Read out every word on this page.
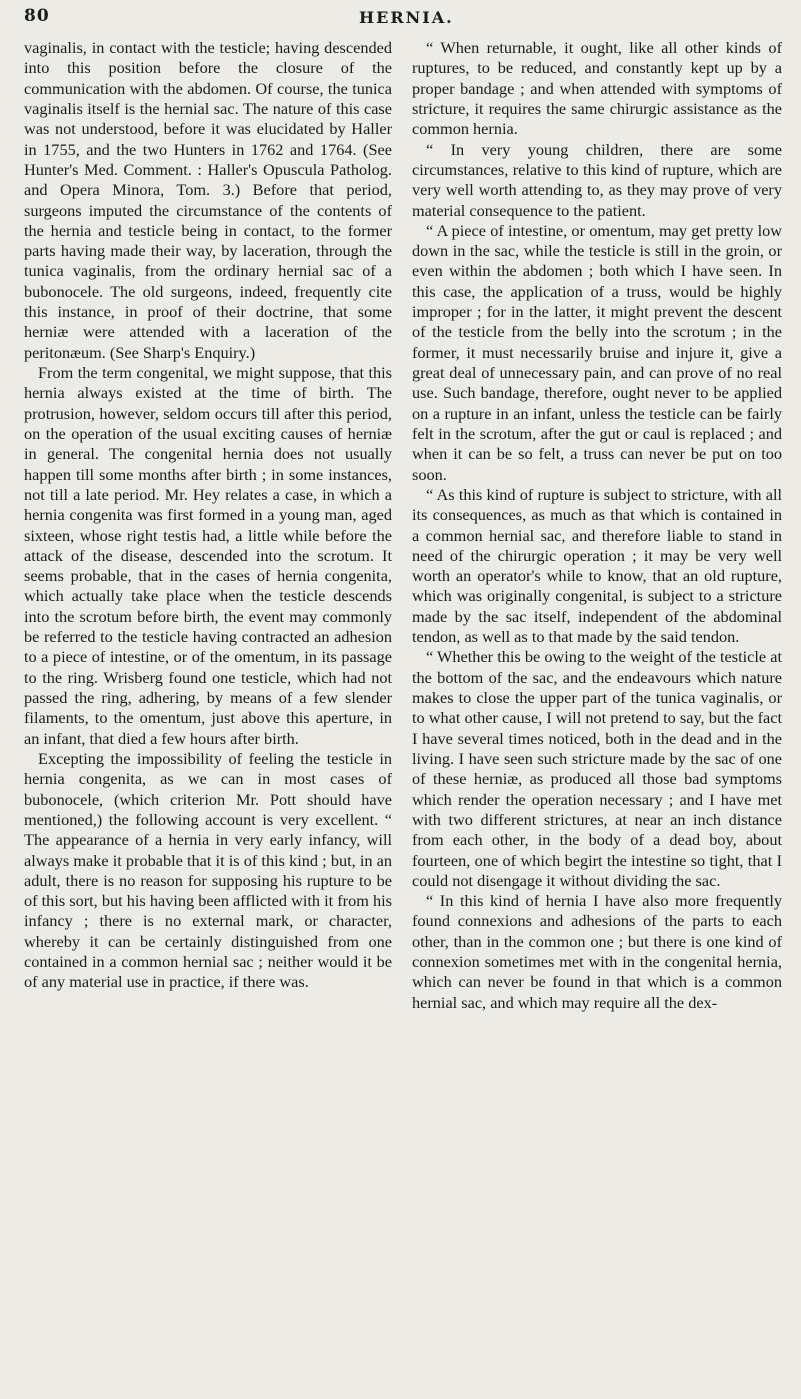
80	HERNIA.

vaginalis, in contact with the testicle; having descended into this position before the closure of the communication with the abdomen. Of course, the tunica vaginalis itself is the hernial sac. The nature of this case was not understood, before it was elucidated by Haller in 1755, and the two Hunters in 1762 and 1764. (See Hunter's Med. Comment. : Haller's Opuscula Patholog. and Opera Minora, Tom. 3.) Before that period, surgeons imputed the circumstance of the contents of the hernia and testicle being in contact, to the former parts having made their way, by laceration, through the tunica vaginalis, from the ordinary hernial sac of a bubonocele. The old surgeons, indeed, frequently cite this instance, in proof of their doctrine, that some herniæ were attended with a laceration of the peritonæum. (See Sharp's Enquiry.)

From the term congenital, we might suppose, that this hernia always existed at the time of birth. The protrusion, however, seldom occurs till after this period, on the operation of the usual exciting causes of herniæ in general. The congenital hernia does not usually happen till some months after birth ; in some instances, not till a late period. Mr. Hey relates a case, in which a hernia congenita was first formed in a young man, aged sixteen, whose right testis had, a little while before the attack of the disease, descended into the scrotum. It seems probable, that in the cases of hernia congenita, which actually take place when the testicle descends into the scrotum before birth, the event may commonly be referred to the testicle having contracted an adhesion to a piece of intestine, or of the omentum, in its passage to the ring. Wrisberg found one testicle, which had not passed the ring, adhering, by means of a few slender filaments, to the omentum, just above this aperture, in an infant, that died a few hours after birth.

Excepting the impossibility of feeling the testicle in hernia congenita, as we can in most cases of bubonocele, (which criterion Mr. Pott should have mentioned,) the following account is very excellent. “ The appearance of a hernia in very early infancy, will always make it probable that it is of this kind ; but, in an adult, there is no reason for supposing his rupture to be of this sort, but his having been afflicted with it from his infancy ; there is no external mark, or character, whereby it can be certainly distinguished from one contained in a common hernial sac ; neither would it be of any material use in practice, if there was.

“ When returnable, it ought, like all other kinds of ruptures, to be reduced, and constantly kept up by a proper bandage ; and when attended with symptoms of stricture, it requires the same chirurgic assistance as the common hernia.

“ In very young children, there are some circumstances, relative to this kind of rupture, which are very well worth attending to, as they may prove of very material consequence to the patient.

“ A piece of intestine, or omentum, may get pretty low down in the sac, while the testicle is still in the groin, or even within the abdomen ; both which I have seen. In this case, the application of a truss, would be highly improper ; for in the latter, it might prevent the descent of the testicle from the belly into the scrotum ; in the former, it must necessarily bruise and injure it, give a great deal of unnecessary pain, and can prove of no real use. Such bandage, therefore, ought never to be applied on a rupture in an infant, unless the testicle can be fairly felt in the scrotum, after the gut or caul is replaced ; and when it can be so felt, a truss can never be put on too soon.

“ As this kind of rupture is subject to stricture, with all its consequences, as much as that which is contained in a common hernial sac, and therefore liable to stand in need of the chirurgic operation ; it may be very well worth an operator's while to know, that an old rupture, which was originally congenital, is subject to a stricture made by the sac itself, independent of the abdominal tendon, as well as to that made by the said tendon.

“ Whether this be owing to the weight of the testicle at the bottom of the sac, and the endeavours which nature makes to close the upper part of the tunica vaginalis, or to what other cause, I will not pretend to say, but the fact I have several times noticed, both in the dead and in the living. I have seen such stricture made by the sac of one of these herniæ, as produced all those bad symptoms which render the operation necessary ; and I have met with two different strictures, at near an inch distance from each other, in the body of a dead boy, about fourteen, one of which begirt the intestine so tight, that I could not disengage it without dividing the sac.

“ In this kind of hernia I have also more frequently found connexions and adhesions of the parts to each other, than in the common one ; but there is one kind of connexion sometimes met with in the congenital hernia, which can never be found in that which is a common hernial sac, and which may require all the dex-
